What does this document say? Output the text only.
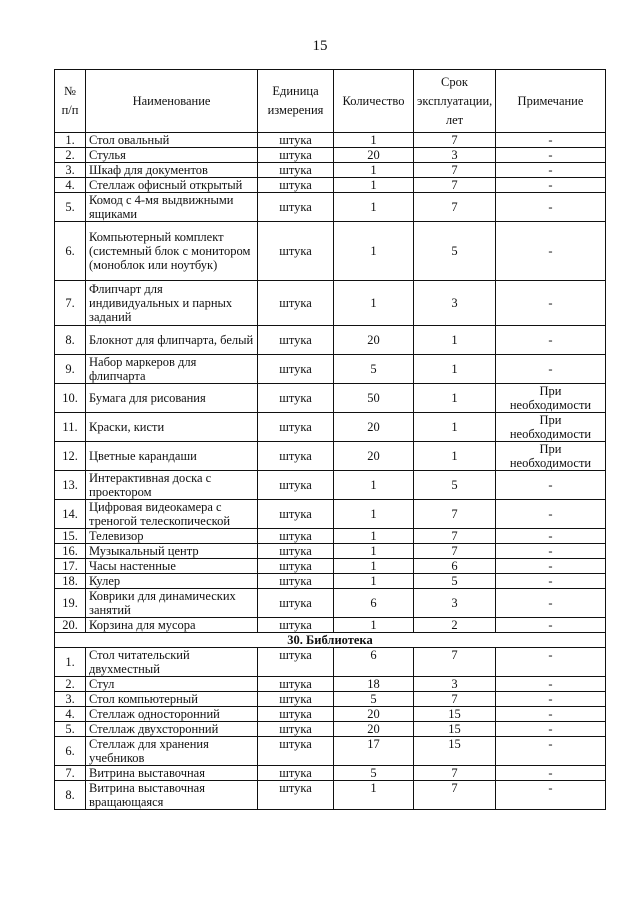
15
№ п/п	Наименование	Единица измерения	Количество	Срок эксплуатации, лет	Примечание
1.	Стол овальный	штука	1	7	-
2.	Стулья	штука	20	3	-
3.	Шкаф для документов	штука	1	7	-
4.	Стеллаж офисный открытый	штука	1	7	-
5.	Комод с 4-мя выдвижными ящиками	штука	1	7	-
6.	Компьютерный комплект (системный блок с монитором (моноблок или ноутбук)	штука	1	5	-
7.	Флипчарт для индивидуальных и парных заданий	штука	1	3	-
8.	Блокнот для флипчарта, белый	штука	20	1	-
9.	Набор маркеров для флипчарта	штука	5	1	-
10.	Бумага для рисования	штука	50	1	При необходимости
11.	Краски, кисти	штука	20	1	При необходимости
12.	Цветные карандаши	штука	20	1	При необходимости
13.	Интерактивная доска с проектором	штука	1	5	-
14.	Цифровая видеокамера с треногой телескопической	штука	1	7	-
15.	Телевизор	штука	1	7	-
16.	Музыкальный центр	штука	1	7	-
17.	Часы настенные	штука	1	6	-
18.	Кулер	штука	1	5	-
19.	Коврики для динамических занятий	штука	6	3	-
20.	Корзина для мусора	штука	1	2	-
30. Библиотека					
1.	Стол читательский двухместный	штука	6	7	-
2.	Стул	штука	18	3	-
3.	Стол компьютерный	штука	5	7	-
4.	Стеллаж односторонний	штука	20	15	-
5.	Стеллаж двухсторонний	штука	20	15	-
6.	Стеллаж для хранения учебников	штука	17	15	-
7.	Витрина выставочная	штука	5	7	-
8.	Витрина выставочная вращающаяся	штука	1	7	-
